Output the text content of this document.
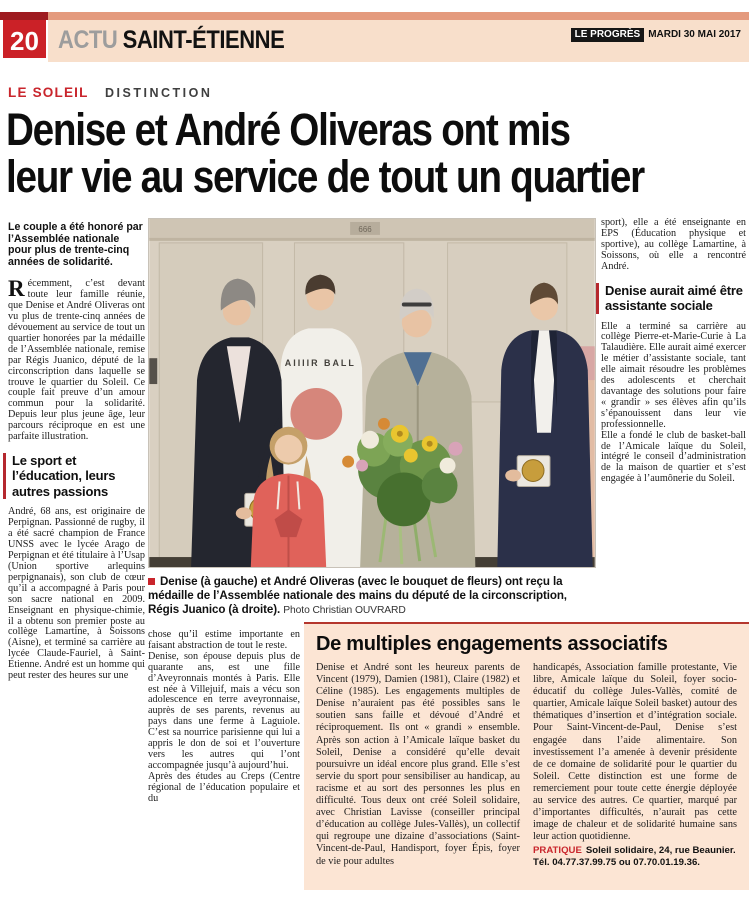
20 ACTU SAINT-ÉTIENNE	LE PROGRÈS MARDI 30 MAI 2017
LE SOLEIL DISTINCTION
Denise et André Oliveras ont mis
leur vie au service de tout un quartier

Le couple a été honoré par l’Assemblée nationale pour plus de trente-cinq années de solidarité.

Récemment, c’est devant toute leur famille réunie, que Denise et André Oliveras ont vu plus de trente-cinq années de dévouement au service de tout un quartier honorées par la médaille de l’Assemblée nationale, remise par Régis Juanico, député de la circonscription dans laquelle se trouve le quartier du Soleil. Ce couple fait preuve d’un amour commun pour la solidarité. Depuis leur plus jeune âge, leur parcours réciproque en est une parfaite illustration.

Le sport et l’éducation, leurs autres passions

André, 68 ans, est originaire de Perpignan. Passionné de rugby, il a été sacré champion de France UNSS avec le lycée Arago de Perpignan et été titulaire à l’Usap (Union sportive arlequins perpignanais), son club de cœur qu’il a accompagné à Paris pour son sacre national en 2009. Enseignant en physique-chimie, il a obtenu son premier poste au collège Lamartine, à Soissons (Aisne), et terminé sa carrière au lycée Claude-Fauriel, à Saint-Etienne. André est un homme qui peut rester des heures sur une

666
AIIIIR BALL
Denise (à gauche) et André Oliveras (avec le bouquet de fleurs) ont reçu la médaille de l’Assemblée nationale des mains du député de la circonscription, Régis Juanico (à droite). Photo Christian OUVRARD

chose qu’il estime importante en faisant abstraction de tout le reste.

Denise, son épouse depuis plus de quarante ans, est une fille d’Aveyronnais montés à Paris. Elle est née à Villejuif, mais a vécu son adolescence en terre aveyronnaise, auprès de ses parents, revenus au pays dans une ferme à Laguiole. C’est sa nourrice parisienne qui lui a appris le don de soi et l’ouverture vers les autres qui l’ont accompagnée jusqu’à aujourd’hui.

Après des études au Creps (Centre régional de l’éducation populaire et du

sport), elle a été enseignante en EPS (Éducation physique et sportive), au collège Lamartine, à Soissons, où elle a rencontré André.

Denise aurait aimé être assistante sociale

Elle a terminé sa carrière au collège Pierre-et-Marie-Curie à La Talaudière. Elle aurait aimé exercer le métier d’assistante sociale, tant elle aimait résoudre les problèmes des adolescents et cherchait davantage des solutions pour faire « grandir » ses élèves afin qu’ils s’épanouissent dans leur vie professionnelle.

Elle a fondé le club de basket-ball de l’Amicale laïque du Soleil, intégré le conseil d’administration de la maison de quartier et s’est engagée à l’aumônerie du Soleil.

De multiples engagements associatifs
Denise et André sont les heureux parents de Vincent (1979), Damien (1981), Claire (1982) et Céline (1985). Les engagements multiples de Denise n’auraient pas été possibles sans le soutien sans faille et dévoué d’André et réciproquement. Ils ont « grandi » ensemble. Après son action à l’Amicale laïque basket du Soleil, Denise a considéré qu’elle devait poursuivre un idéal encore plus grand. Elle s’est servie du sport pour sensibiliser au handicap, au racisme et au sort des personnes les plus en difficulté. Tous deux ont créé Soleil solidaire, avec Christian Lavisse (conseiller principal d’éducation au collège Jules-Vallès), un collectif qui regroupe une dizaine d’associations (Saint-Vincent-de-Paul, Handisport, foyer Épis, foyer de vie pour adultes
handicapés, Association famille protestante, Vie libre, Amicale laïque du Soleil, foyer socio-éducatif du collège Jules-Vallès, comité de quartier, Amicale laïque Soleil basket) autour des thématiques d’insertion et d’intégration sociale. Pour Saint-Vincent-de-Paul, Denise s’est engagée dans l’aide alimentaire. Son investissement l’a amenée à devenir présidente de ce domaine de solidarité pour le quartier du Soleil. Cette distinction est une forme de remerciement pour toute cette énergie déployée au service des autres. Ce quartier, marqué par d’importantes difficultés, n’aurait pas cette image de chaleur et de solidarité humaine sans leur action quotidienne.
PRATIQUE Soleil solidaire, 24, rue Beaunier.
Tél. 04.77.37.99.75 ou 07.70.01.19.36.
